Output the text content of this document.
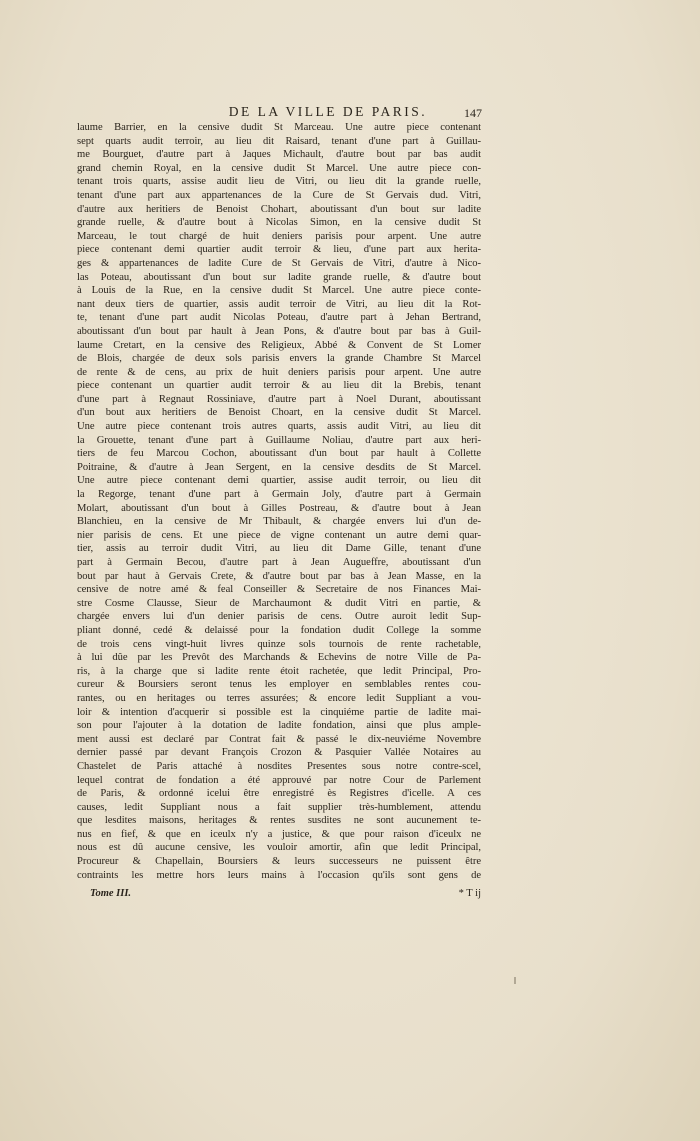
DE LA VILLE DE PARIS.	147
laume Barrier, en la censive dudit St Marceau. Une autre piece contenant
sept quarts audit terroir, au lieu dit Raisard, tenant d'une part à Guillau-
me Bourguet, d'autre part à Jaques Michault, d'autre bout par bas audit
grand chemin Royal, en la censive dudit St Marcel. Une autre piece con-
tenant trois quarts, assise audit lieu de Vitri, ou lieu dit la grande ruelle,
tenant d'une part aux appartenances de la Cure de St Gervais dud. Vitri,
d'autre aux heritiers de Benoist Chohart, aboutissant d'un bout sur ladite
grande ruelle, & d'autre bout à Nicolas Simon, en la censive dudit St
Marceau, le tout chargé de huit deniers parisis pour arpent. Une autre
piece contenant demi quartier audit terroir & lieu, d'une part aux herita-
ges & appartenances de ladite Cure de St Gervais de Vitri, d'autre à Nico-
las Poteau, aboutissant d'un bout sur ladite grande ruelle, & d'autre bout
à Louis de la Rue, en la censive dudit St Marcel. Une autre piece conte-
nant deux tiers de quartier, assis audit terroir de Vitri, au lieu dit la Rot-
te, tenant d'une part audit Nicolas Poteau, d'autre part à Jehan Bertrand,
aboutissant d'un bout par hault à Jean Pons, & d'autre bout par bas à Guil-
laume Cretart, en la censive des Religieux, Abbé & Convent de St Lomer
de Blois, chargée de deux sols parisis envers la grande Chambre St Marcel
de rente & de cens, au prix de huit deniers parisis pour arpent. Une autre
piece contenant un quartier audit terroir & au lieu dit la Brebis, tenant
d'une part à Regnaut Rossiniave, d'autre part à Noel Durant, aboutissant
d'un bout aux heritiers de Benoist Choart, en la censive dudit St Marcel.
Une autre piece contenant trois autres quarts, assis audit Vitri, au lieu dit
la Grouette, tenant d'une part à Guillaume Noliau, d'autre part aux heri-
tiers de feu Marcou Cochon, aboutissant d'un bout par hault à Collette
Poitraine, & d'autre à Jean Sergent, en la censive desdits de St Marcel.
Une autre piece contenant demi quartier, assise audit terroir, ou lieu dit
la Regorge, tenant d'une part à Germain Joly, d'autre part à Germain
Molart, aboutissant d'un bout à Gilles Postreau, & d'autre bout à Jean
Blanchieu, en la censive de Mr Thibault, & chargée envers lui d'un de-
nier parisis de cens. Et une piece de vigne contenant un autre demi quar-
tier, assis au terroir dudit Vitri, au lieu dit Dame Gille, tenant d'une
part à Germain Becou, d'autre part à Jean Augueffre, aboutissant d'un
bout par haut à Gervais Crete, & d'autre bout par bas à Jean Masse, en la
censive de notre amé & feal Conseiller & Secretaire de nos Finances Mai-
stre Cosme Clausse, Sieur de Marchaumont & dudit Vitri en partie, &
chargée envers lui d'un denier parisis de cens. Outre auroit ledit Sup-
pliant donné, cedé & delaissé pour la fondation dudit College la somme
de trois cens vingt-huit livres quinze sols tournois de rente rachetable,
à lui dûe par les Prevôt des Marchands & Echevins de notre Ville de Pa-
ris, à la charge que si ladite rente étoit rachetée, que ledit Principal, Pro-
cureur & Boursiers seront tenus les employer en semblables rentes cou-
rantes, ou en heritages ou terres assurées; & encore ledit Suppliant a vou-
loir & intention d'acquerir si possible est la cinquiéme partie de ladite mai-
son pour l'ajouter à la dotation de ladite fondation, ainsi que plus ample-
ment aussi est declaré par Contrat fait & passé le dix-neuviéme Novembre
dernier passé par devant François Crozon & Pasquier Vallée Notaires au
Chastelet de Paris attaché à nosdites Presentes sous notre contre-scel,
lequel contrat de fondation a été approuvé par notre Cour de Parlement
de Paris, & ordonné icelui être enregistré ès Registres d'icelle. A ces
causes, ledit Suppliant nous a fait supplier très-humblement, attendu
que lesdites maisons, heritages & rentes susdites ne sont aucunement te-
nus en fief, & que en iceulx n'y a justice, & que pour raison d'iceulx ne
nous est dû aucune censive, les vouloir amortir, afin que ledit Principal,
Procureur & Chapellain, Boursiers & leurs successeurs ne puissent être
contraints les mettre hors leurs mains à l'occasion qu'ils sont gens de
Tome III.	* T ij
